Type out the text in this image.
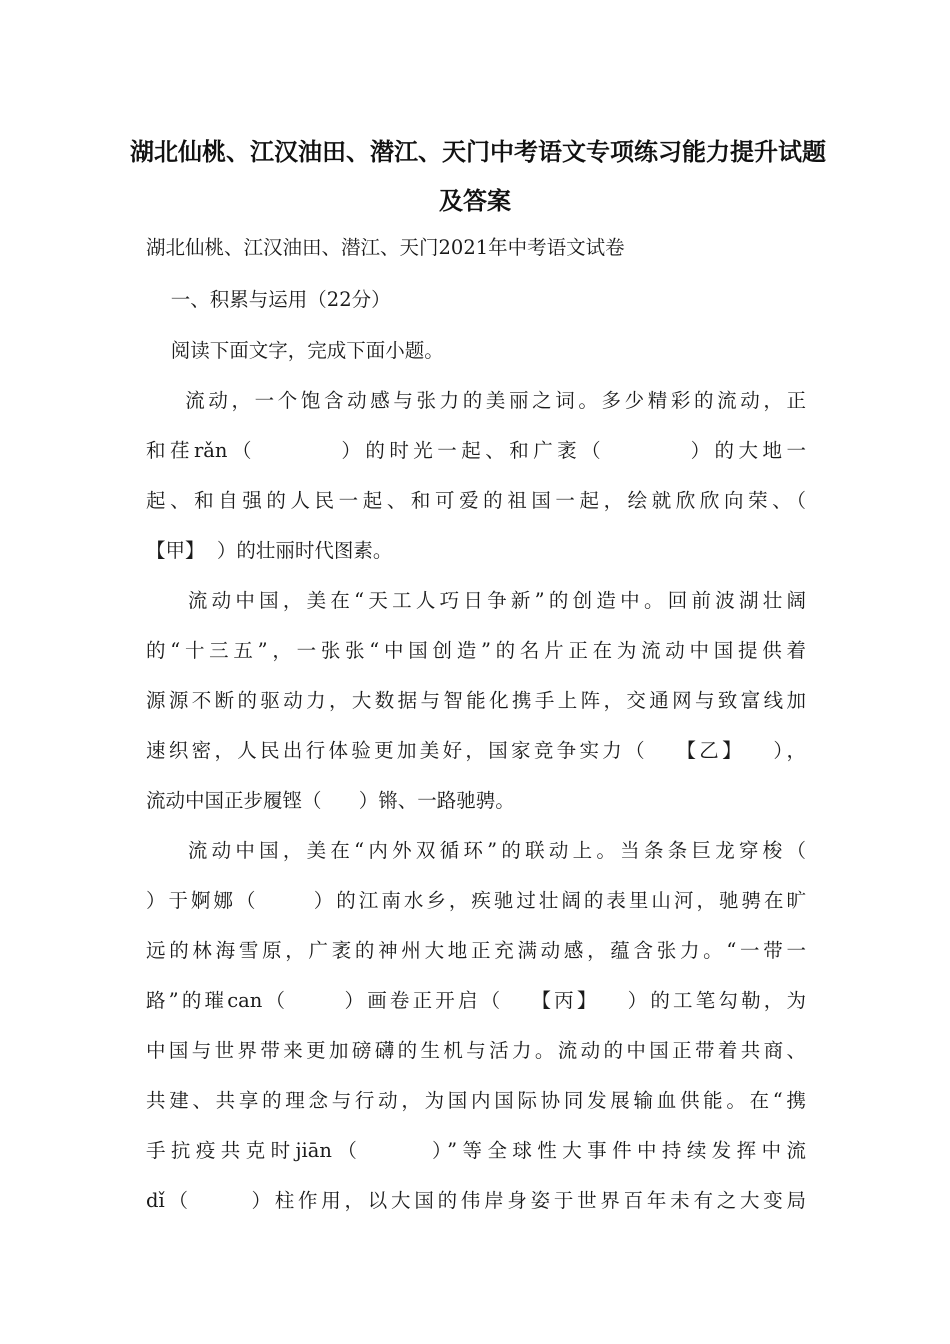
湖北仙桃、江汉油田、潜江、天门中考语文专项练习能力提升试题
及答案
湖北仙桃、江汉油田、潜江、天门2021年中考语文试卷
一、积累与运用（22分）
阅读下面文字，完成下面小题。
流动，一个饱含动感与张力的美丽之词。多少精彩的流动，正
和荏rǎn（        ）的时光一起、和广袤（        ）的大地一
起、和自强的人民一起、和可爱的祖国一起，绘就欣欣向荣、（
【甲】  ）的壮丽时代图素。
流动中国，美在“天工人巧日争新”的创造中。回前波湖壮阔
的“十三五”，一张张“中国创造”的名片正在为流动中国提供着
源源不断的驱动力，大数据与智能化携手上阵，交通网与致富线加
速织密，人民出行体验更加美好，国家竞争实力（   【乙】   ），
流动中国正步履铿（      ）锵、一路驰骋。
流动中国，美在“内外双循环”的联动上。当条条巨龙穿梭（
）于婀娜（      ）的江南水乡，疾驰过壮阔的表里山河，驰骋在旷
远的林海雪原，广袤的神州大地正充满动感，蕴含张力。“一带一
路”的璀can（      ）画卷正开启（   【丙】   ）的工笔勾勒，为
中国与世界带来更加磅礴的生机与活力。流动的中国正带着共商、
共建、共享的理念与行动，为国内国际协同发展输血供能。在“携
手抗疫共克时jiān（      ）”等全球性大事件中持续发挥中流
dǐ（      ）柱作用，以大国的伟岸身姿于世界百年未有之大变局
